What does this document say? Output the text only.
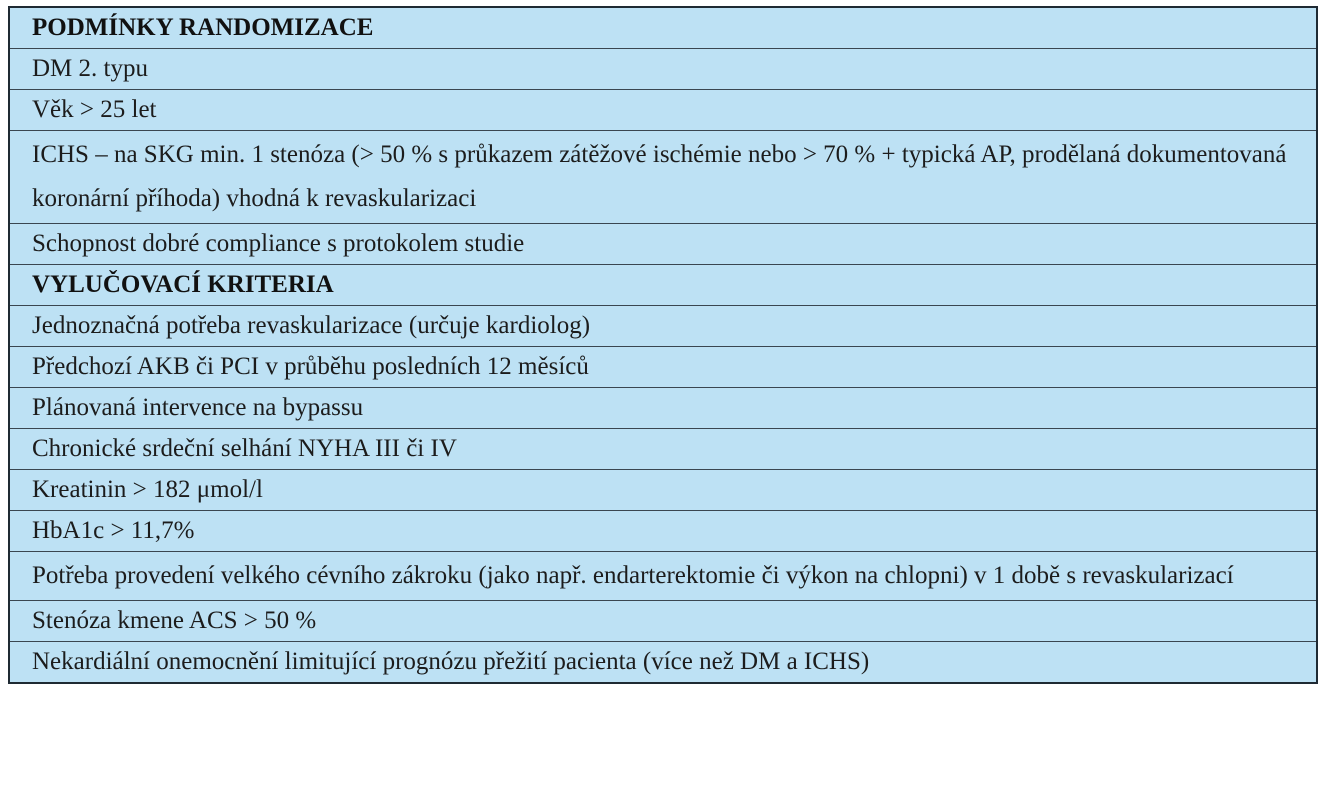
PODMÍNKY RANDOMIZACE
DM 2. typu
Věk > 25 let
ICHS – na SKG min. 1 stenóza (> 50 % s průkazem zátěžové ischémie nebo > 70 % + typická AP, prodělaná dokumentovaná koronární příhoda) vhodná k revaskularizaci
Schopnost dobré compliance s protokolem studie
VYLUČOVACÍ KRITERIA
Jednoznačná potřeba revaskularizace (určuje kardiolog)
Předchozí AKB či PCI v průběhu posledních 12 měsíců
Plánovaná intervence na bypassu
Chronické srdeční selhání NYHA III či IV
Kreatinin > 182 μmol/l
HbA1c > 11,7%
Potřeba provedení velkého cévního zákroku (jako např. endarterektomie či výkon na chlopni) v 1 době s revaskularizací
Stenóza kmene ACS > 50 %
Nekardiální onemocnění limitující prognózu přežití pacienta (více než DM a ICHS)
